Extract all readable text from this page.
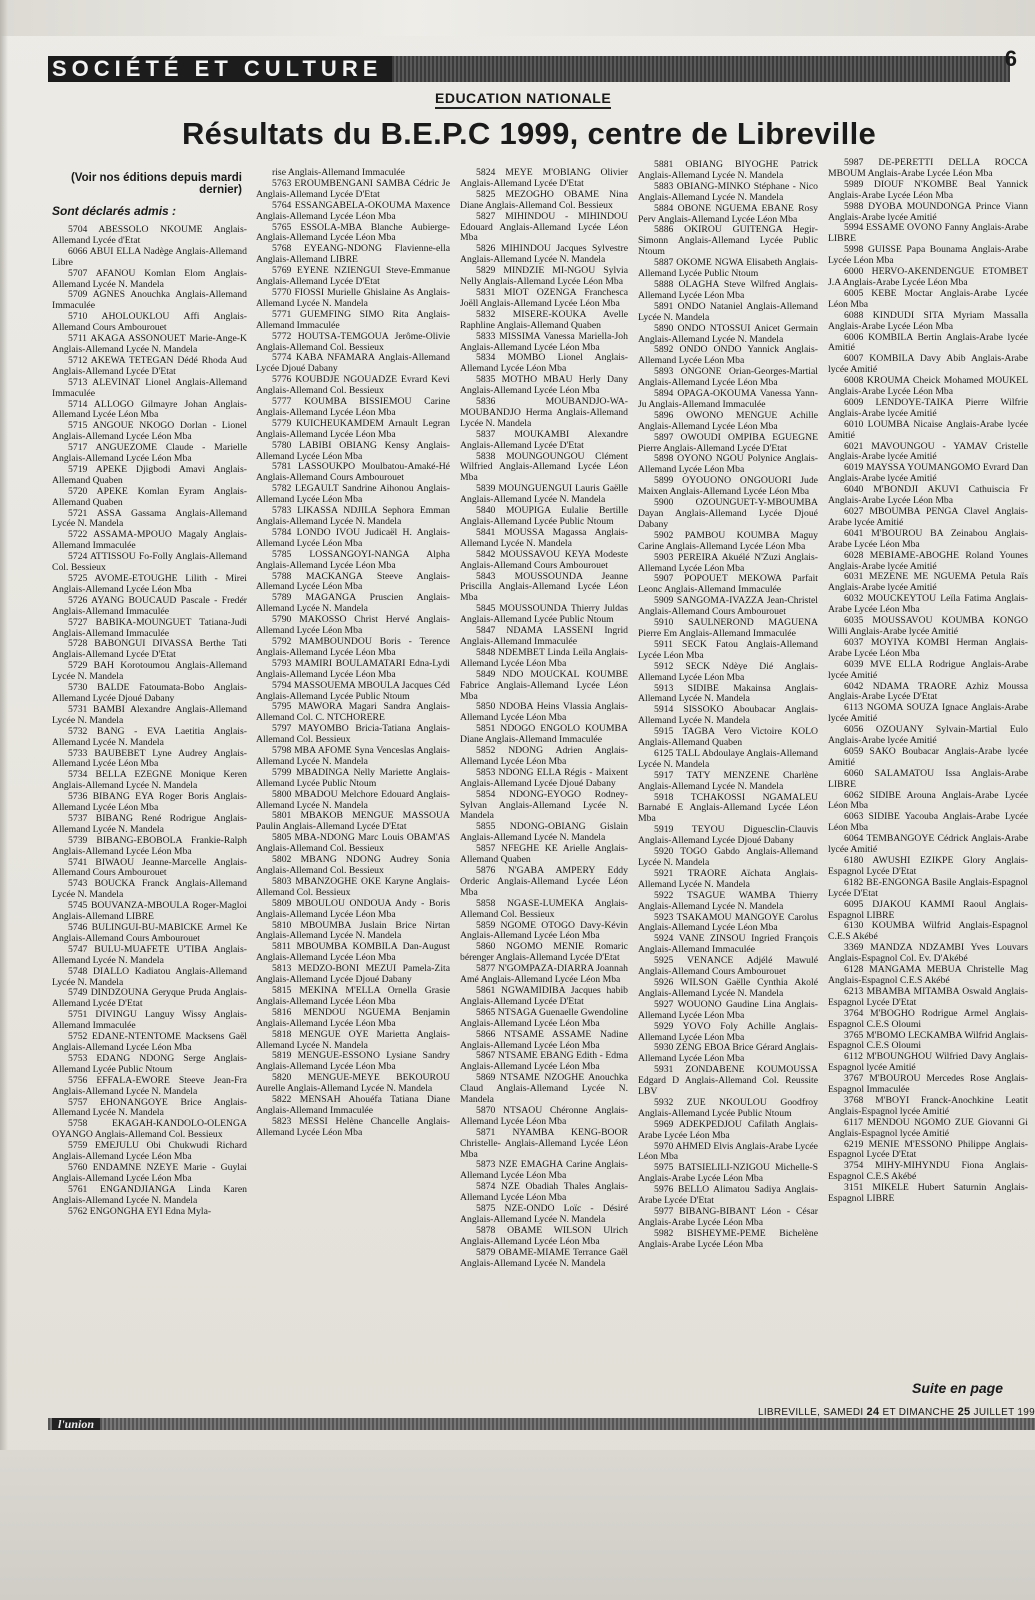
SOCIÉTÉ ET CULTURE	6
EDUCATION NATIONALE
Résultats du B.E.P.C 1999, centre de Libreville
(Voir nos éditions depuis mardi dernier)
Sont déclarés admis :

5704 ABESSOLO NKOUME Anglais-Allemand Lycée d'Etat

6066 ABUI ELLA Nadège Anglais-Allemand Libre

5707 AFANOU Komlan Elom Anglais-Allemand Lycée N. Mandela

5709 AGNES Anouchka Anglais-Allemand Immaculée

5710 AHOLOUKLOU Affi Anglais-Allemand Cours Ambourouet

5711 AKAGA ASSONOUET Marie-Ange-K Anglais-Allemand Lycée N. Mandela

5712 AKEWA TETEGAN Dédé Rhoda Aud Anglais-Allemand Lycée D'Etat

5713 ALEVINAT Lionel Anglais-Allemand Immaculée

5714 ALLOGO Gilmayre Johan Anglais-Allemand Lycée Léon Mba

5715 ANGOUE NKOGO Dorlan - Lionel Anglais-Allemand Lycée Léon Mba

5717 ANGUEZOME Claude - Marielle Anglais-Allemand Lycée Léon Mba

5719 APEKE Djigbodi Amavi Anglais-Allemand Quaben

5720 APEKE Komlan Eyram Anglais-Allemand Quaben

5721 ASSA Gassama Anglais-Allemand Lycée N. Mandela

5722 ASSAMA-MPOUO Magaly Anglais-Allemand Immaculée

5724 ATTISSOU Fo-Folly Anglais-Allemand Col. Bessieux

5725 AVOME-ETOUGHE Lilith - Mirei Anglais-Allemand Lycée Léon Mba

5726 AYANG BOUCAUD Pascale - Fredér Anglais-Allemand Immaculée

5727 BABIKA-MOUNGUET Tatiana-Judi Anglais-Allemand Immaculée

5728 BABONGUI DIVASSA Berthe Tati Anglais-Allemand Lycée D'Etat

5729 BAH Korotoumou Anglais-Allemand Lycée N. Mandela

5730 BALDE Fatoumata-Bobo Anglais-Allemand Lycée Djoué Dabany

5731 BAMBI Alexandre Anglais-Allemand Lycée N. Mandela

5732 BANG - EVA Laetitia Anglais-Allemand Lycée N. Mandela

5733 BAUBEBET Lyne Audrey Anglais-Allemand Lycée Léon Mba

5734 BELLA EZEGNE Monique Keren Anglais-Allemand Lycée N. Mandela

5736 BIBANG EYA Roger Boris Anglais-Allemand Lycée Léon Mba

5737 BIBANG René Rodrigue Anglais-Allemand Lycée N. Mandela

5739 BIBANG-EBOBOLA Frankie-Ralph Anglais-Allemand Lycée Léon Mba

5741 BIWAOU Jeanne-Marcelle Anglais-Allemand Cours Ambourouet

5743 BOUCKA Franck Anglais-Allemand Lycée N. Mandela

5745 BOUVANZA-MBOULA Roger-Magloi Anglais-Allemand LIBRE

5746 BULINGUI-BU-MABICKE Armel Ke Anglais-Allemand Cours Ambourouet

5747 BULU-MUAFETE U'TIBA Anglais-Allemand Lycée N. Mandela

5748 DIALLO Kadiatou Anglais-Allemand Lycée N. Mandela

5749 DINDZOUNA Geryque Pruda Anglais-Allemand Lycée D'Etat

5751 DIVINGU Languy Wissy Anglais-Allemand Immaculée

5752 EDANE-NTENTOME Macksens Gaël Anglais-Allemand Lycée Léon Mba

5753 EDANG NDONG Serge Anglais-Allemand Lycée Public Ntoum

5756 EFFALA-EWORE Steeve Jean-Fra Anglais-Allemand Lycée N. Mandela

5757 EHONANGOYE Brice Anglais-Allemand Lycée N. Mandela

5758 EKAGAH-KANDOLO-OLENGA OYANGO Anglais-Allemand Col. Bessieux

5759 EMEJULU Obi Chukwudi Richard Anglais-Allemand Lycée Léon Mba

5760 ENDAMNE NZEYE Marie - Guylai Anglais-Allemand Lycée Léon Mba

5761 ENGANDJIANGA Linda Karen Anglais-Allemand Lycée N. Mandela

5762 ENGONGHA EYI Edna Myla-

rise Anglais-Allemand Immaculée

5763 EROUMBENGANI SAMBA Cédric Je Anglais-Allemand Lycée D'Etat

5764 ESSANGABELA-OKOUMA Maxence Anglais-Allemand Lycée Léon Mba

5765 ESSOLA-MBA Blanche Aubierge- Anglais-Allemand Lycée Léon Mba

5768 EYEANG-NDONG Flavienne-ella Anglais-Allemand LIBRE

5769 EYENE NZIENGUI Steve-Emmanue Anglais-Allemand Lycée D'Etat

5770 FIOSSI Murielle Ghislaine As Anglais-Allemand Lycée N. Mandela

5771 GUEMFING SIMO Rita Anglais-Allemand Immaculée

5772 HOUTSA-TEMGOUA Jerôme-Olivie Anglais-Allemand Col. Bessieux

5774 KABA NFAMARA Anglais-Allemand Lycée Djoué Dabany

5776 KOUBDJE NGOUADZE Evrard Kevi Anglais-Allemand Col. Bessieux

5777 KOUMBA BISSIEMOU Carine Anglais-Allemand Lycée Léon Mba

5779 KUICHEUKAMDEM Arnault Legran Anglais-Allemand Lycée Léon Mba

5780 LABIBI OBIANG Kensy Anglais-Allemand Lycée Léon Mba

5781 LASSOUKPO Moulbatou-Amaké-Hé Anglais-Allemand Cours Ambourouet

5782 LEGAULT Sandrine Aihonou Anglais-Allemand Lycée Léon Mba

5783 LIKASSA NDJILA Sephora Emman Anglais-Allemand Lycée N. Mandela

5784 LONDO IVOU Judicaël H. Anglais-Allemand Lycée Léon Mba

5785 LOSSANGOYI-NANGA Alpha Anglais-Allemand Lycée Léon Mba

5788 MACKANGA Steeve Anglais-Allemand Lycée Léon Mba

5789 MAGANGA Pruscien Anglais-Allemand Lycée N. Mandela

5790 MAKOSSO Christ Hervé Anglais-Allemand Lycée Léon Mba

5792 MAMBOUNDOU Boris - Terence Anglais-Allemand Lycée Léon Mba

5793 MAMIRI BOULAMATARI Edna-Lydi Anglais-Allemand Lycée Léon Mba

5794 MASSOUEMA MBOULA Jacques Céd Anglais-Allemand Lycée Public Ntoum

5795 MAWORA Magari Sandra Anglais-Allemand Col. C. NTCHORERE

5797 MAYOMBO Bricia-Tatiana Anglais-Allemand Col. Bessieux

5798 MBA AFOME Syna Venceslas Anglais-Allemand Lycée N. Mandela

5799 MBADINGA Nelly Mariette Anglais-Allemand Lycée Public Ntoum

5800 MBADOU Melchore Edouard Anglais-Allemand Lycée N. Mandela

5801 MBAKOB MENGUE MASSOUA Paulin Anglais-Allemand Lycée D'Etat

5805 MBA-NDONG Marc Louis OBAM'AS Anglais-Allemand Col. Bessieux

5802 MBANG NDONG Audrey Sonia Anglais-Allemand Col. Bessieux

5803 MBANZOGHE OKE Karyne Anglais-Allemand Col. Bessieux

5809 MBOULOU ONDOUA Andy - Boris Anglais-Allemand Lycée Léon Mba

5810 MBOUMBA Juslain Brice Nirtan Anglais-Allemand Lycée N. Mandela

5811 MBOUMBA KOMBILA Dan-August Anglais-Allemand Lycée Léon Mba

5813 MEDZO-BONI MEZUI Pamela-Zita Anglais-Allemand Lycée Djoué Dabany

5815 MEKINA M'ELLA Ornella Grasie Anglais-Allemand Lycée Léon Mba

5816 MENDOU NGUEMA Benjamin Anglais-Allemand Lycée Léon Mba

5818 MENGUE OYE Marietta Anglais-Allemand Lycée N. Mandela

5819 MENGUE-ESSONO Lysiane Sandry Anglais-Allemand Lycée Léon Mba

5820 MENGUE-MEYE BEKOUROU Aurelle Anglais-Allemand Lycée N. Mandela

5822 MENSAH Ahouéfa Tatiana Diane Anglais-Allemand Immaculée

5823 MESSI Helène Chancelle Anglais-Allemand Lycée Léon Mba

5824 MEYE M'OBIANG Olivier Anglais-Allemand Lycée D'Etat

5825 MEZOGHO OBAME Nina Diane Anglais-Allemand Col. Bessieux

5827 MIHINDOU - MIHINDOU Edouard Anglais-Allemand Lycée Léon Mba

5826 MIHINDOU Jacques Sylvestre Anglais-Allemand Lycée N. Mandela

5829 MINDZIE MI-NGOU Sylvia Nelly Anglais-Allemand Lycée Léon Mba

5831 MIOT OZENGA Franchesca Joëll Anglais-Allemand Lycée Léon Mba

5832 MISERE-KOUKA Avelle Raphline Anglais-Allemand Quaben

5833 MISSIMA Vanessa Mariella-Joh Anglais-Allemand Lycée Léon Mba

5834 MOMBO Lionel Anglais-Allemand Lycée Léon Mba

5835 MOTHO MBAU Herly Dany Anglais-Allemand Lycée Léon Mba

5836 MOUBANDJO-WA-MOUBANDJO Herma Anglais-Allemand Lycée N. Mandela

5837 MOUKAMBI Alexandre Anglais-Allemand Lycée D'Etat

5838 MOUNGOUNGOU Clément Wilfried Anglais-Allemand Lycée Léon Mba

5839 MOUNGUENGUI Lauris Gaëlle Anglais-Allemand Lycée N. Mandela

5840 MOUPIGA Eulalie Bertille Anglais-Allemand Lycée Public Ntoum

5841 MOUSSA Magassa Anglais-Allemand Lycée N. Mandela

5842 MOUSSAVOU KEYA Modeste Anglais-Allemand Cours Ambourouet

5843 MOUSSOUNDA Jeanne Priscilla Anglais-Allemand Lycée Léon Mba

5845 MOUSSOUNDA Thierry Juldas Anglais-Allemand Lycée Public Ntoum

5847 NDAMA LASSENI Ingrid Anglais-Allemand Immaculée

5848 NDEMBET Linda Leïla Anglais-Allemand Lycée Léon Mba

5849 NDO MOUCKAL KOUMBE Fabrice Anglais-Allemand Lycée Léon Mba

5850 NDOBA Heins Vlassia Anglais-Allemand Lycée Léon Mba

5851 NDOGO ENGOLO KOUMBA Diane Anglais-Allemand Immaculée

5852 NDONG Adrien Anglais-Allemand Lycée Léon Mba

5853 NDONG ELLA Régis - Maixent Anglais-Allemand Lycée Djoué Dabany

5854 NDONG-EYOGO Rodney-Sylvan Anglais-Allemand Lycée N. Mandela

5855 NDONG-OBIANG Gislain Anglais-Allemand Lycée N. Mandela

5857 NFEGHE KE Arielle Anglais-Allemand Quaben

5876 N'GABA AMPERY Eddy Orderic Anglais-Allemand Lycée Léon Mba

5858 NGASE-LUMEKA Anglais-Allemand Col. Bessieux

5859 NGOME OTOGO Davy-Kévin Anglais-Allemand Lycée Léon Mba

5860 NGOMO MENIE Romaric bérenger Anglais-Allemand Lycée D'Etat

5877 N'GOMPAZA-DIARRA Joannah Amé Anglais-Allemand Lycée Léon Mba

5861 NGWAMIDIBA Jacques habib Anglais-Allemand Lycée D'Etat

5865 NTSAGA Guenaelle Gwendoline Anglais-Allemand Lycée Léon Mba

5866 NTSAME ASSAME Nadine Anglais-Allemand Lycée Léon Mba

5867 NTSAME EBANG Edith - Edma Anglais-Allemand Lycée Léon Mba

5869 NTSAME NZOGHE Anouchka Claud Anglais-Allemand Lycée N. Mandela

5870 NTSAOU Chéronne Anglais-Allemand Lycée Léon Mba

5871 NYAMBA KENG-BOOR Christelle- Anglais-Allemand Lycée Léon Mba

5873 NZE EMAGHA Carine Anglais-Allemand Lycée Léon Mba

5874 NZE Obadiah Thales Anglais-Allemand Lycée Léon Mba

5875 NZE-ONDO Loïc - Désiré Anglais-Allemand Lycée N. Mandela

5878 OBAME WILSON Ulrich Anglais-Allemand Lycée Léon Mba

5879 OBAME-MIAME Terrance Gaël Anglais-Allemand Lycée N. Mandela

5881 OBIANG BIYOGHE Patrick Anglais-Allemand Lycée N. Mandela

5883 OBIANG-MINKO Stéphane - Nico Anglais-Allemand Lycée N. Mandela

5884 OBONE NGUEMA EBANE Rosy Perv Anglais-Allemand Lycée Léon Mba

5886 OKIROU GUITENGA Hegir-Simonn Anglais-Allemand Lycée Public Ntoum

5887 OKOME NGWA Elisabeth Anglais-Allemand Lycée Public Ntoum

5888 OLAGHA Steve Wilfred Anglais-Allemand Lycée Léon Mba

5891 ONDO Nataniel Anglais-Allemand Lycée N. Mandela

5890 ONDO NTOSSUI Anicet Germain Anglais-Allemand Lycée N. Mandela

5892 ONDO ONDO Yannick Anglais-Allemand Lycée Léon Mba

5893 ONGONE Orian-Georges-Martial Anglais-Allemand Lycée Léon Mba

5894 OPAGA-OKOUMA Vanessa Yann-Ju Anglais-Allemand Immaculée

5896 OWONO MENGUE Achille Anglais-Allemand Lycée Léon Mba

5897 OWOUDI OMPIBA EGUEGNE Pierre Anglais-Allemand Lycée D'Etat

5898 OYONO NGOU Polynice Anglais-Allemand Lycée Léon Mba

5899 OYOUONO ONGOUORI Jude Maixen Anglais-Allemand Lycée Léon Mba

5900 OZOUNGUET-Y-MBOUMBA Dayan Anglais-Allemand Lycée Djoué Dabany

5902 PAMBOU KOUMBA Maguy Carine Anglais-Allemand Lycée Léon Mba

5903 PEREIRA Akuélé N'Zuzi Anglais-Allemand Lycée Léon Mba

5907 POPOUET MEKOWA Parfait Leonc Anglais-Allemand Immaculée

5909 SANGOMA-IVAZZA Jean-Christel Anglais-Allemand Cours Ambourouet

5910 SAULNEROND MAGUENA Pierre Em Anglais-Allemand Immaculée

5911 SECK Fatou Anglais-Allemand Lycée Léon Mba

5912 SECK Ndèye Dié Anglais-Allemand Lycée Léon Mba

5913 SIDIBE Makainsa Anglais-Allemand Lycée N. Mandela

5914 SISSOKO Aboubacar Anglais-Allemand Lycée N. Mandela

5915 TAGBA Vero Victoire KOLO Anglais-Allemand Quaben

6125 TALL Abdoulaye Anglais-Allemand Lycée N. Mandela

5917 TATY MENZENE Charlène Anglais-Allemand Lycée N. Mandela

5918 TCHAKOSSI NGAMALEU Barnabé E Anglais-Allemand Lycée Léon Mba

5919 TEYOU Diguesclin-Clauvis Anglais-Allemand Lycée Djoué Dabany

5920 TOGO Gabdo Anglais-Allemand Lycée N. Mandela

5921 TRAORE Aïchata Anglais-Allemand Lycée N. Mandela

5922 TSAGUE WAMBA Thierry Anglais-Allemand Lycée N. Mandela

5923 TSAKAMOU MANGOYE Carolus Anglais-Allemand Lycée Léon Mba

5924 VANE ZINSOU Ingried François Anglais-Allemand Immaculée

5925 VENANCE Adjélé Mawulé Anglais-Allemand Cours Ambourouet

5926 WILSON Gaëlle Cynthia Akolé Anglais-Allemand Lycée N. Mandela

5927 WOUONO Gaudine Lina Anglais-Allemand Lycée Léon Mba

5929 YOVO Foly Achille Anglais-Allemand Lycée Léon Mba

5930 ZENG EBOA Brice Gérard Anglais-Allemand Lycée Léon Mba

5931 ZONDABENE KOUMOUSSA Edgard D Anglais-Allemand Col. Reussite LBV

5932 ZUE NKOULOU Goodfroy Anglais-Allemand Lycée Public Ntoum

5969 ADEKPEDJOU Cafilath Anglais-Arabe Lycée Léon Mba

5970 AHMED Elvis Anglais-Arabe Lycée Léon Mba

5975 BATSIELILI-NZIGOU Michelle-S Anglais-Arabe Lycée Léon Mba

5976 BELLO Alimatou Sadiya Anglais-Arabe Lycée D'Etat

5977 BIBANG-BIBANT Léon - César Anglais-Arabe Lycée Léon Mba

5982 BISHEYME-PEME Bichelène Anglais-Arabe Lycée Léon Mba

5987 DE-PERETTI DELLA ROCCA MBOUM Anglais-Arabe Lycée Léon Mba

5989 DIOUF N'KOMBE Beal Yannick Anglais-Arabe Lycée Léon Mba

5988 DYOBA MOUNDONGA Prince Viann Anglais-Arabe lycée Amitié

5994 ESSAME OVONO Fanny Anglais-Arabe LIBRE

5998 GUISSE Papa Bounama Anglais-Arabe Lycée Léon Mba

6000 HERVO-AKENDENGUE ETOMBET J.A Anglais-Arabe Lycée Léon Mba

6005 KEBE Moctar Anglais-Arabe Lycée Léon Mba

6088 KINDUDI SITA Myriam Massalla Anglais-Arabe Lycée Léon Mba

6006 KOMBILA Bertin Anglais-Arabe lycée Amitié

6007 KOMBILA Davy Abib Anglais-Arabe lycée Amitié

6008 KROUMA Cheick Mohamed MOUKEL Anglais-Arabe Lycée Léon Mba

6009 LENDOYE-TAIKA Pierre Wilfrie Anglais-Arabe lycée Amitié

6010 LOUMBA Nicaise Anglais-Arabe lycée Amitié

6021 MAVOUNGOU - YAMAV Cristelle Anglais-Arabe lycée Amitié

6019 MAYSSA YOUMANGOMO Evrard Dan Anglais-Arabe lycée Amitié

6040 M'BONDJI AKUVI Cathuiscia Fr Anglais-Arabe Lycée Léon Mba

6027 MBOUMBA PENGA Clavel Anglais-Arabe lycée Amitié

6041 M'BOUROU BA Zeinabou Anglais-Arabe Lycée Léon Mba

6028 MEBIAME-ABOGHE Roland Younes Anglais-Arabe lycée Amitié

6031 MEZENE ME NGUEMA Petula Raïs Anglais-Arabe lycée Amitié

6032 MOUCKEYTOU Leïla Fatima Anglais-Arabe Lycée Léon Mba

6035 MOUSSAVOU KOUMBA KONGO Willi Anglais-Arabe lycée Amitié

6037 MOYIYA KOMBI Herman Anglais-Arabe Lycée Léon Mba

6039 MVE ELLA Rodrigue Anglais-Arabe lycée Amitié

6042 NDAMA TRAORE Azhiz Moussa Anglais-Arabe Lycée D'Etat

6113 NGOMA SOUZA Ignace Anglais-Arabe lycée Amitié

6056 OZOUANY Sylvain-Martial Eulo Anglais-Arabe lycée Amitié

6059 SAKO Boubacar Anglais-Arabe lycée Amitié

6060 SALAMATOU Issa Anglais-Arabe LIBRE

6062 SIDIBE Arouna Anglais-Arabe Lycée Léon Mba

6063 SIDIBE Yacouba Anglais-Arabe Lycée Léon Mba

6064 TEMBANGOYE Cédrick Anglais-Arabe lycée Amitié

6180 AWUSHI EZIKPE Glory Anglais-Espagnol Lycée D'Etat

6182 BE-ENGONGA Basile Anglais-Espagnol Lycée D'Etat

6095 DJAKOU KAMMI Raoul Anglais-Espagnol LIBRE

6130 KOUMBA Wilfrid Anglais-Espagnol C.E.S Akébé

3369 MANDZA NDZAMBI Yves Louvars Anglais-Espagnol Col. Ev. D'Akébé

6128 MANGAMA MEBUA Christelle Mag Anglais-Espagnol C.E.S Akébé

6213 MBAMBA MITAMBA Oswald Anglais-Espagnol Lycée D'Etat

3764 M'BOGHO Rodrigue Armel Anglais-Espagnol C.E.S Oloumi

3765 M'BOMO LECKAMBA Wilfrid Anglais-Espagnol C.E.S Oloumi

6112 M'BOUNGHOU Wilfried Davy Anglais-Espagnol lycée Amitié

3767 M'BOUROU Mercedes Rose Anglais-Espagnol Immaculée

3768 M'BOYI Franck-Anochkine Leatit Anglais-Espagnol lycée Amitié

6117 MENDOU NGOMO ZUE Giovanni Gi Anglais-Espagnol lycée Amitié

6219 MENIE M'ESSONO Philippe Anglais-Espagnol Lycée D'Etat

3754 MIHY-MIHYNDU Fiona Anglais-Espagnol C.E.S Akébé

3151 MIKELE Hubert Saturnin Anglais-Espagnol LIBRE

Suite en page
l'union
LIBREVILLE, SAMEDI 24 ET DIMANCHE 25 JUILLET 199
